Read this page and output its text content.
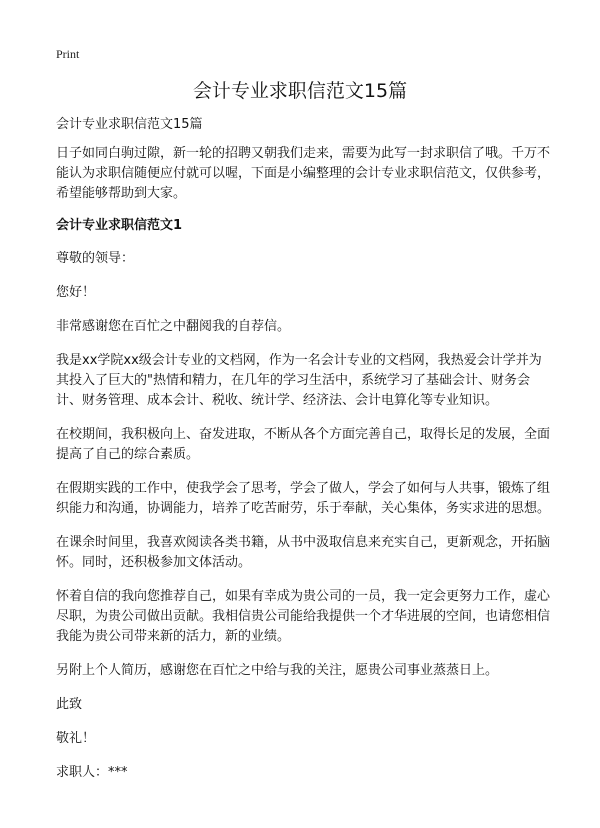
Print
会计专业求职信范文15篇

会计专业求职信范文15篇

日子如同白驹过隙，新一轮的招聘又朝我们走来，需要为此写一封求职信了哦。千万不能认为求职信随便应付就可以喔，下面是小编整理的会计专业求职信范文，仅供参考，希望能够帮助到大家。

会计专业求职信范文1

尊敬的领导：

您好！

非常感谢您在百忙之中翻阅我的自荐信。

我是xx学院xx级会计专业的文档网，作为一名会计专业的文档网，我热爱会计学并为其投入了巨大的"热情和精力，在几年的学习生活中，系统学习了基础会计、财务会计、财务管理、成本会计、税收、统计学、经济法、会计电算化等专业知识。

在校期间，我积极向上、奋发进取，不断从各个方面完善自己，取得长足的发展，全面提高了自己的综合素质。

在假期实践的工作中，使我学会了思考，学会了做人，学会了如何与人共事，锻炼了组织能力和沟通，协调能力，培养了吃苦耐劳，乐于奉献，关心集体，务实求进的思想。

在课余时间里，我喜欢阅读各类书籍，从书中汲取信息来充实自己，更新观念，开拓脑怀。同时，还积极参加文体活动。

怀着自信的我向您推荐自己，如果有幸成为贵公司的一员，我一定会更努力工作，虚心尽职，为贵公司做出贡献。我相信贵公司能给我提供一个才华进展的空间，也请您相信我能为贵公司带来新的活力，新的业绩。

另附上个人简历，感谢您在百忙之中给与我的关注，愿贵公司事业蒸蒸日上。

此致

敬礼！

求职人：***
